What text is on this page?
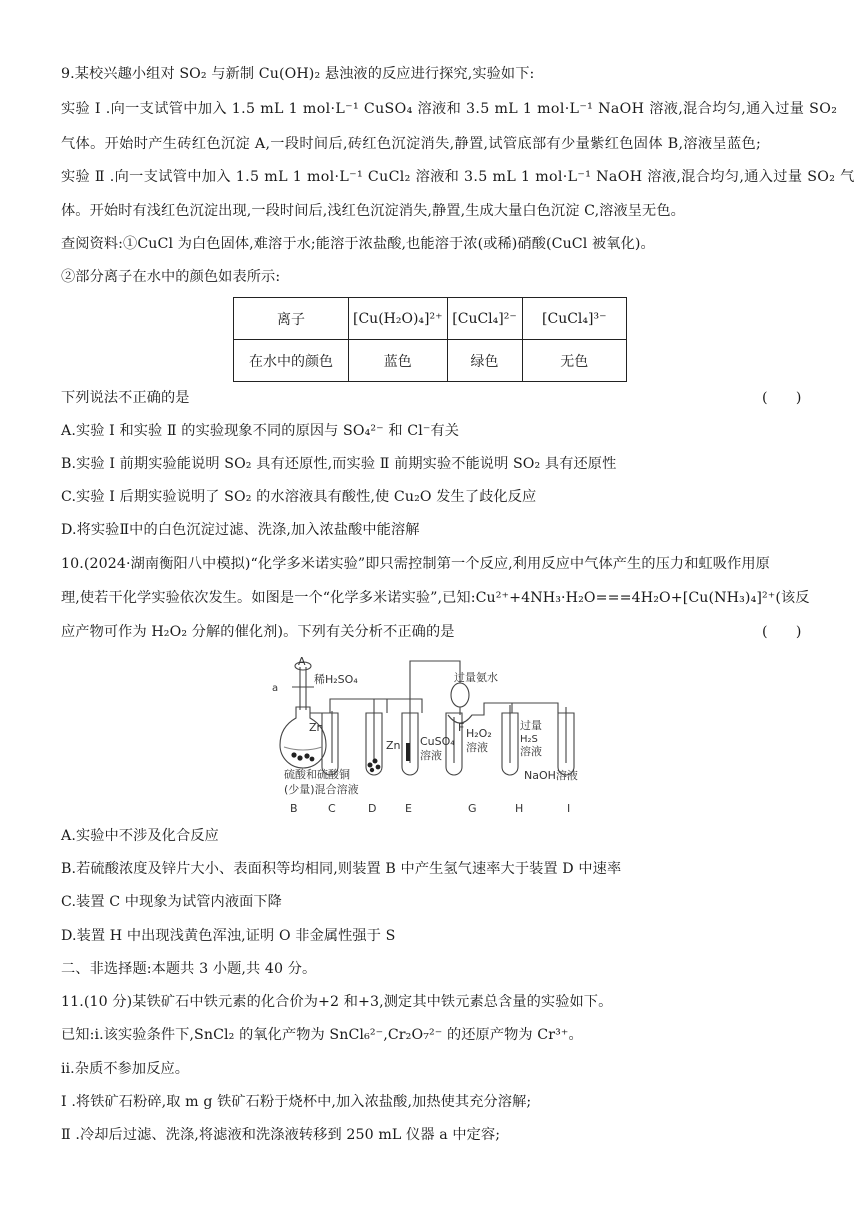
9.某校兴趣小组对 SO₂ 与新制 Cu(OH)₂ 悬浊液的反应进行探究,实验如下:
实验 Ⅰ .向一支试管中加入 1.5 mL 1 mol·L⁻¹ CuSO₄ 溶液和 3.5 mL 1 mol·L⁻¹ NaOH 溶液,混合均匀,通入过量 SO₂
气体。开始时产生砖红色沉淀 A,一段时间后,砖红色沉淀消失,静置,试管底部有少量紫红色固体 B,溶液呈蓝色;
实验 Ⅱ .向一支试管中加入 1.5 mL 1 mol·L⁻¹ CuCl₂ 溶液和 3.5 mL 1 mol·L⁻¹ NaOH 溶液,混合均匀,通入过量 SO₂ 气
体。开始时有浅红色沉淀出现,一段时间后,浅红色沉淀消失,静置,生成大量白色沉淀 C,溶液呈无色。
查阅资料:①CuCl 为白色固体,难溶于水;能溶于浓盐酸,也能溶于浓(或稀)硝酸(CuCl 被氧化)。
②部分离子在水中的颜色如表所示:
离子	[Cu(H₂O)₄]²⁺	[CuCl₄]²⁻	[CuCl₄]³⁻
在水中的颜色	蓝色	绿色	无色
下列说法不正确的是	(　　)
A.实验 Ⅰ 和实验 Ⅱ 的实验现象不同的原因与 SO₄²⁻ 和 Cl⁻有关
B.实验 Ⅰ 前期实验能说明 SO₂ 具有还原性,而实验 Ⅱ 前期实验不能说明 SO₂ 具有还原性
C.实验 Ⅰ 后期实验说明了 SO₂ 的水溶液具有酸性,使 Cu₂O 发生了歧化反应
D.将实验Ⅱ中的白色沉淀过滤、洗涤,加入浓盐酸中能溶解
10.(2024·湖南衡阳八中模拟)“化学多米诺实验”即只需控制第一个反应,利用反应中气体产生的压力和虹吸作用原
理,使若干化学实验依次发生。如图是一个“化学多米诺实验”,已知:Cu²⁺+4NH₃·H₂O===4H₂O+[Cu(NH₃)₄]²⁺(该反
应产物可作为 H₂O₂ 分解的催化剂)。下列有关分析不正确的是	(　　)
A
a
稀H₂SO₄
Zn
Zn CuSO₄
溶液
过量氨水
F H₂O₂
溶液
过量
H₂S
溶液
NaOH溶液
硫酸和硫酸铜
(少量)混合溶液
B	C	D	E	G	H	I
A.实验中不涉及化合反应
B.若硫酸浓度及锌片大小、表面积等均相同,则装置 B 中产生氢气速率大于装置 D 中速率
C.装置 C 中现象为试管内液面下降
D.装置 H 中出现浅黄色浑浊,证明 O 非金属性强于 S
二、非选择题:本题共 3 小题,共 40 分。
11.(10 分)某铁矿石中铁元素的化合价为+2 和+3,测定其中铁元素总含量的实验如下。
已知:ⅰ.该实验条件下,SnCl₂ 的氧化产物为 SnCl₆²⁻,Cr₂O₇²⁻ 的还原产物为 Cr³⁺。
ⅱ.杂质不参加反应。
Ⅰ .将铁矿石粉碎,取 m g 铁矿石粉于烧杯中,加入浓盐酸,加热使其充分溶解;
Ⅱ .冷却后过滤、洗涤,将滤液和洗涤液转移到 250 mL 仪器 a 中定容;
